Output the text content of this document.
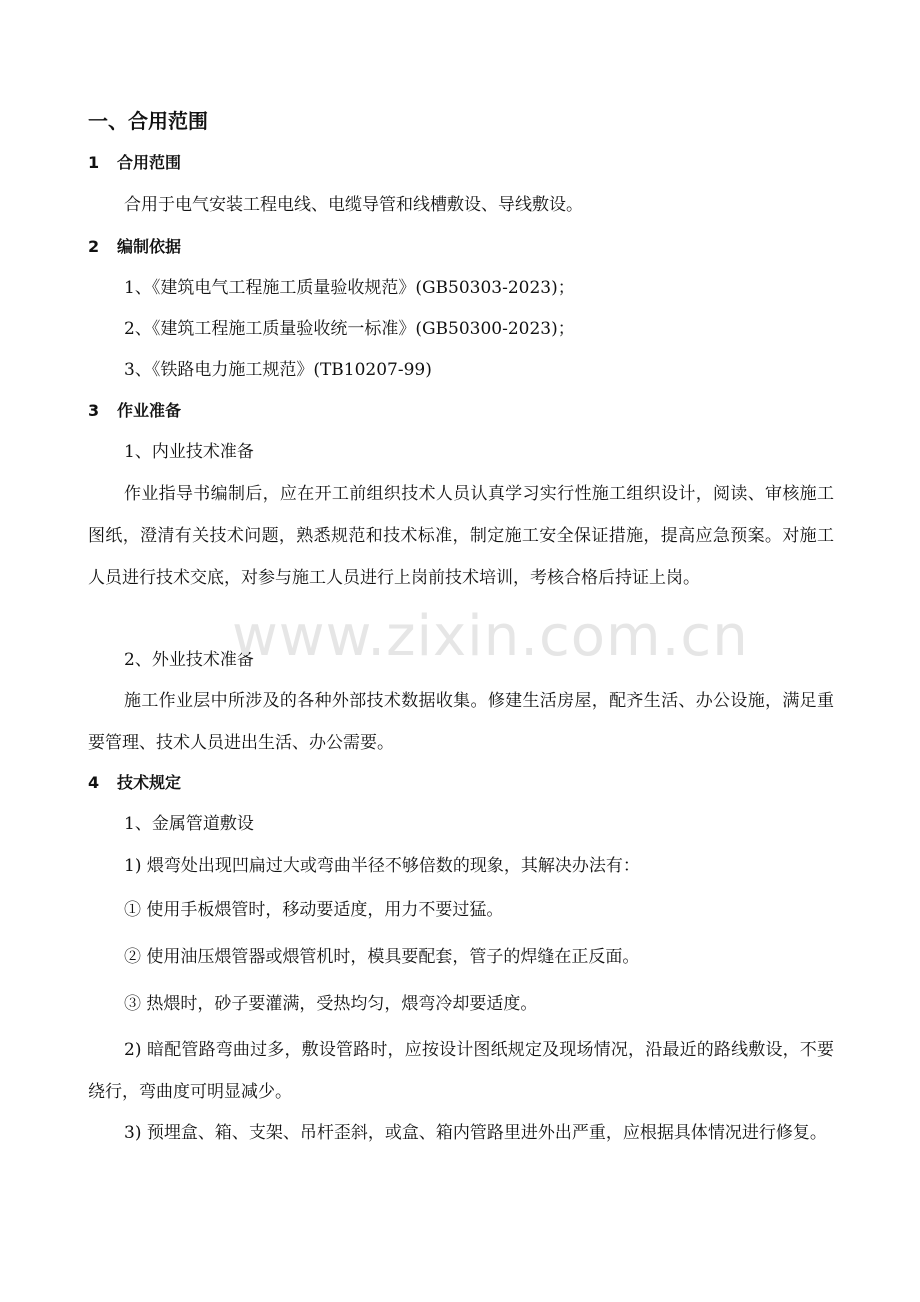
一、合用范围
1 合用范围
合用于电气安装工程电线、电缆导管和线槽敷设、导线敷设。
2 编制依据
1、《建筑电气工程施工质量验收规范》(GB50303-2023)；
2、《建筑工程施工质量验收统一标准》(GB50300-2023)；
3、《铁路电力施工规范》(TB10207-99)
3 作业准备
1、内业技术准备
作业指导书编制后，应在开工前组织技术人员认真学习实行性施工组织设计，阅读、审核施工图纸，澄清有关技术问题，熟悉规范和技术标准，制定施工安全保证措施，提高应急预案。对施工人员进行技术交底，对参与施工人员进行上岗前技术培训，考核合格后持证上岗。
2、外业技术准备
施工作业层中所涉及的各种外部技术数据收集。修建生活房屋，配齐生活、办公设施，满足重要管理、技术人员进出生活、办公需要。
4 技术规定
1、金属管道敷设
1) 煨弯处出现凹扁过大或弯曲半径不够倍数的现象，其解决办法有：
① 使用手板煨管时，移动要适度，用力不要过猛。
② 使用油压煨管器或煨管机时，模具要配套，管子的焊缝在正反面。
③ 热煨时，砂子要灌满，受热均匀，煨弯冷却要适度。
2) 暗配管路弯曲过多，敷设管路时，应按设计图纸规定及现场情况，沿最近的路线敷设，不要绕行，弯曲度可明显减少。
3) 预埋盒、箱、支架、吊杆歪斜，或盒、箱内管路里进外出严重，应根据具体情况进行修复。
www.zixin.com.cn
